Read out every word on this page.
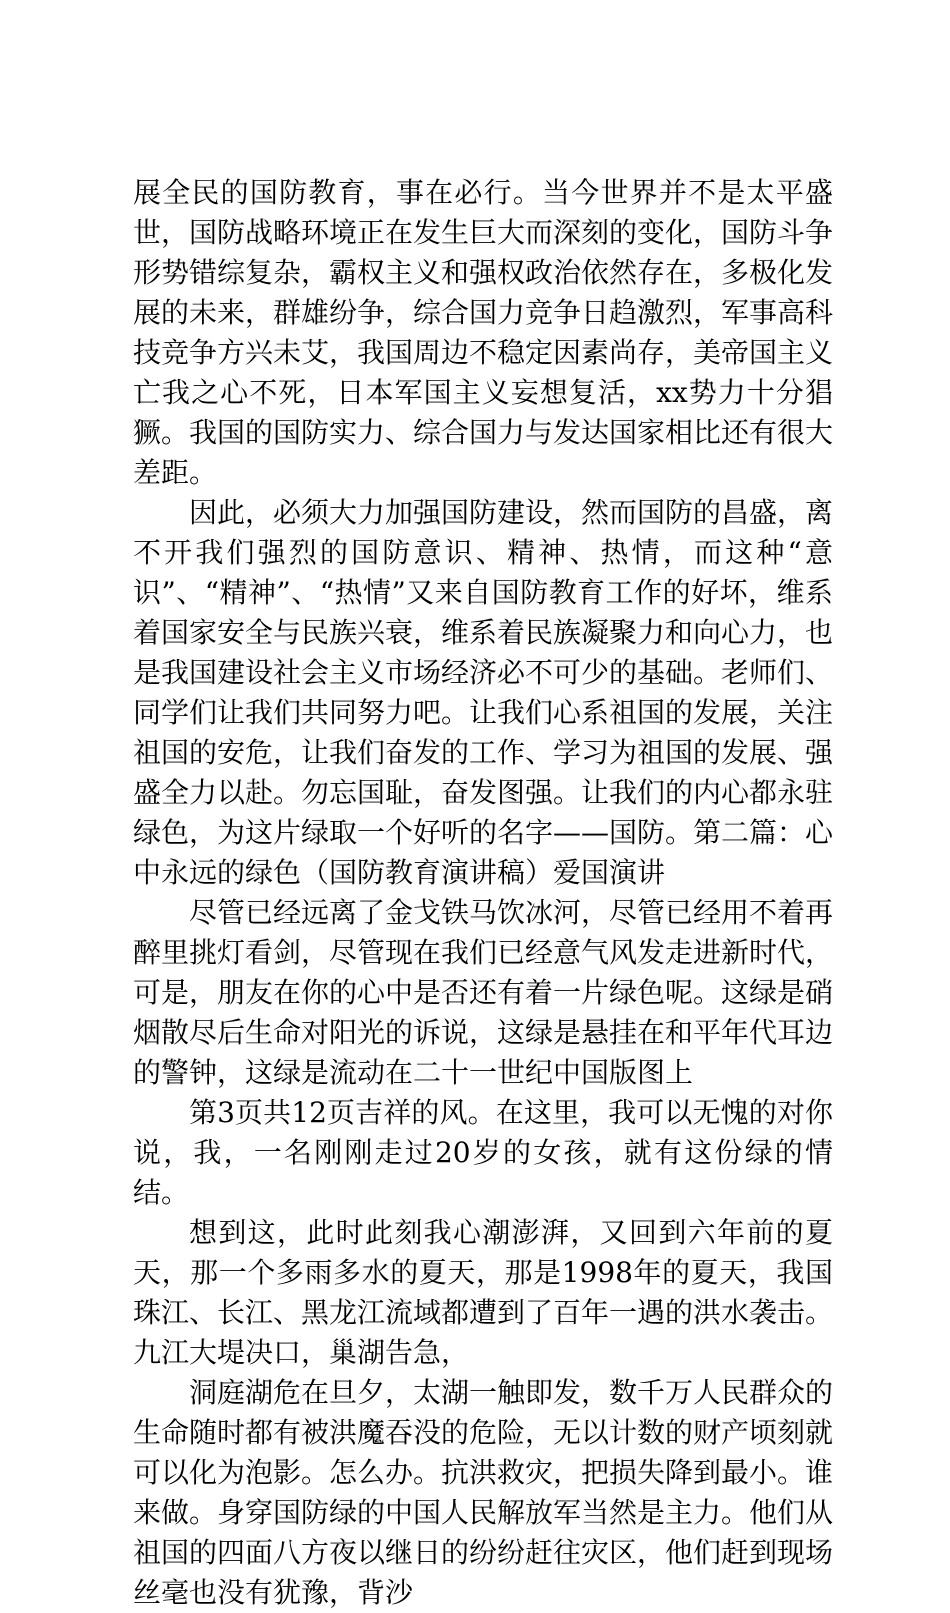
展全民的国防教育，事在必行。当今世界并不是太平盛世，国防战略环境正在发生巨大而深刻的变化，国防斗争形势错综复杂，霸权主义和强权政治依然存在，多极化发展的未来，群雄纷争，综合国力竞争日趋激烈，军事高科技竞争方兴未艾，我国周边不稳定因素尚存，美帝国主义亡我之心不死，日本军国主义妄想复活，xx势力十分猖獗。我国的国防实力、综合国力与发达国家相比还有很大差距。

因此，必须大力加强国防建设，然而国防的昌盛，离不开我们强烈的国防意识、精神、热情，而这种“意识”、“精神”、“热情”又来自国防教育工作的好坏，维系着国家安全与民族兴衰，维系着民族凝聚力和向心力，也是我国建设社会主义市场经济必不可少的基础。老师们、同学们让我们共同努力吧。让我们心系祖国的发展，关注祖国的安危，让我们奋发的工作、学习为祖国的发展、强盛全力以赴。勿忘国耻，奋发图强。让我们的内心都永驻绿色，为这片绿取一个好听的名字——国防。第二篇：心中永远的绿色（国防教育演讲稿）爱国演讲

尽管已经远离了金戈铁马饮冰河，尽管已经用不着再醉里挑灯看剑，尽管现在我们已经意气风发走进新时代，可是，朋友在你的心中是否还有着一片绿色呢。这绿是硝烟散尽后生命对阳光的诉说，这绿是悬挂在和平年代耳边的警钟，这绿是流动在二十一世纪中国版图上

第3页共12页吉祥的风。在这里，我可以无愧的对你说，我，一名刚刚走过20岁的女孩，就有这份绿的情结。

想到这，此时此刻我心潮澎湃，又回到六年前的夏天，那一个多雨多水的夏天，那是1998年的夏天，我国珠江、长江、黑龙江流域都遭到了百年一遇的洪水袭击。九江大堤决口，巢湖告急，

洞庭湖危在旦夕，太湖一触即发，数千万人民群众的生命随时都有被洪魔吞没的危险，无以计数的财产顷刻就可以化为泡影。怎么办。抗洪救灾，把损失降到最小。谁来做。身穿国防绿的中国人民解放军当然是主力。他们从祖国的四面八方夜以继日的纷纷赶往灾区，他们赶到现场丝毫也没有犹豫，背沙
